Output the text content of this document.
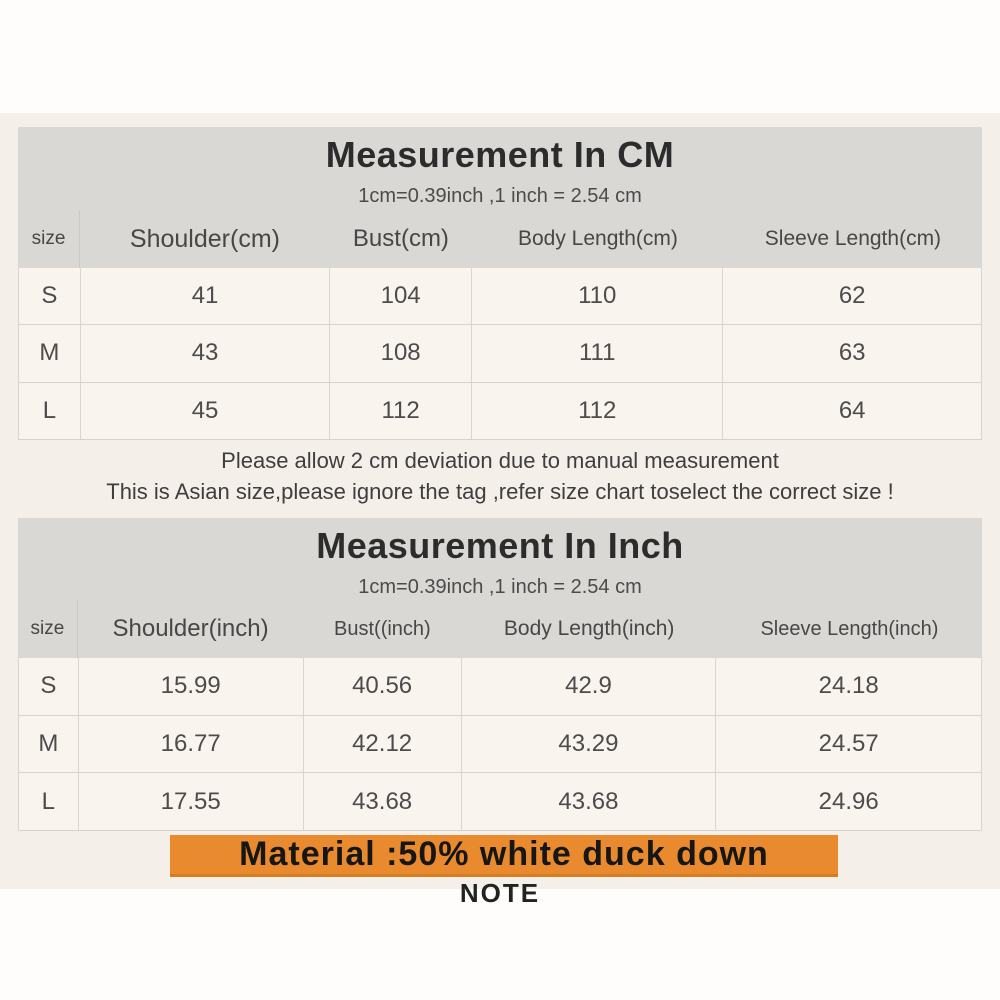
Measurement In CM
1cm=0.39inch ,1 inch = 2.54 cm
size	Shoulder(cm)	Bust(cm)	Body Length(cm)	Sleeve Length(cm)
S	41	104	110	62
M	43	108	111	63
L	45	112	112	64
Please allow 2 cm deviation due to manual measurement
This is Asian size,please ignore the tag ,refer size chart toselect the correct size !
Measurement In Inch
1cm=0.39inch ,1 inch = 2.54 cm
size	Shoulder(inch)	Bust((inch)	Body Length(inch)	Sleeve Length(inch)
S	15.99	40.56	42.9	24.18
M	16.77	42.12	43.29	24.57
L	17.55	43.68	43.68	24.96
Material :50% white duck down
NOTE
